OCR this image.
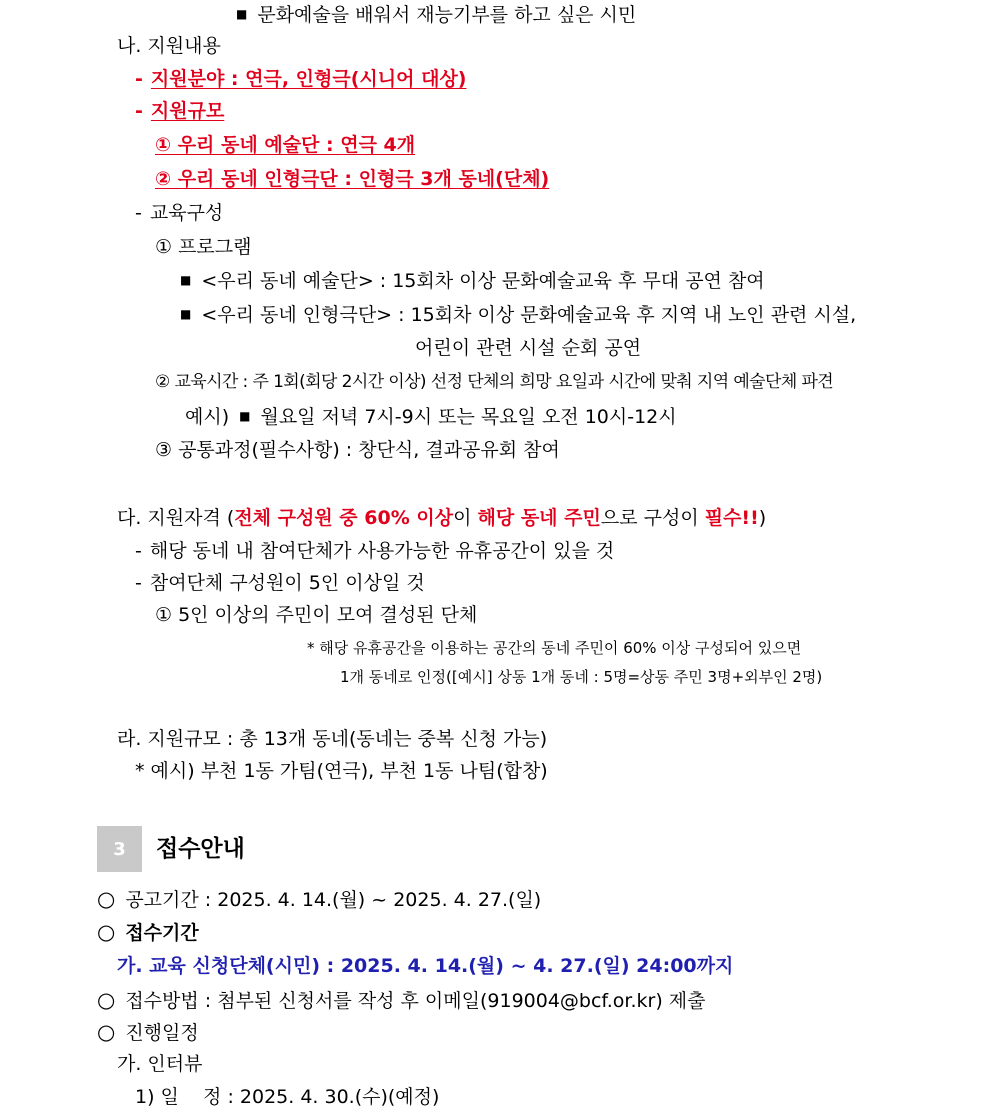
■ 문화예술을 배워서 재능기부를 하고 싶은 시민
나. 지원내용
- 지원분야 : 연극, 인형극(시니어 대상)
- 지원규모
① 우리 동네 예술단 : 연극 4개
② 우리 동네 인형극단 : 인형극 3개 동네(단체)
- 교육구성
① 프로그램
■ <우리 동네 예술단> : 15회차 이상 문화예술교육 후 무대 공연 참여
■ <우리 동네 인형극단> : 15회차 이상 문화예술교육 후 지역 내 노인 관련 시설,
어린이 관련 시설 순회 공연
② 교육시간 : 주 1회(회당 2시간 이상) 선정 단체의 희망 요일과 시간에 맞춰 지역 예술단체 파견
예시) ■ 월요일 저녁 7시-9시 또는 목요일 오전 10시-12시
③ 공통과정(필수사항) : 창단식, 결과공유회 참여
다. 지원자격 (전체 구성원 중 60% 이상이 해당 동네 주민으로 구성이 필수!!)
- 해당 동네 내 참여단체가 사용가능한 유휴공간이 있을 것
- 참여단체 구성원이 5인 이상일 것
① 5인 이상의 주민이 모여 결성된 단체
* 해당 유휴공간을 이용하는 공간의 동네 주민이 60% 이상 구성되어 있으면
1개 동네로 인정([예시] 상동 1개 동네 : 5명=상동 주민 3명+외부인 2명)
라. 지원규모 : 총 13개 동네(동네는 중복 신청 가능)
* 예시) 부천 1동 가팀(연극), 부천 1동 나팀(합창)
3	접수안내
○ 공고기간 : 2025. 4. 14.(월) ~ 2025. 4. 27.(일)
○ 접수기간
가. 교육 신청단체(시민) : 2025. 4. 14.(월) ~ 4. 27.(일) 24:00까지
○ 접수방법 : 첨부된 신청서를 작성 후 이메일(919004@bcf.or.kr) 제출
○ 진행일정
가. 인터뷰
1) 일    정 : 2025. 4. 30.(수)(예정)
